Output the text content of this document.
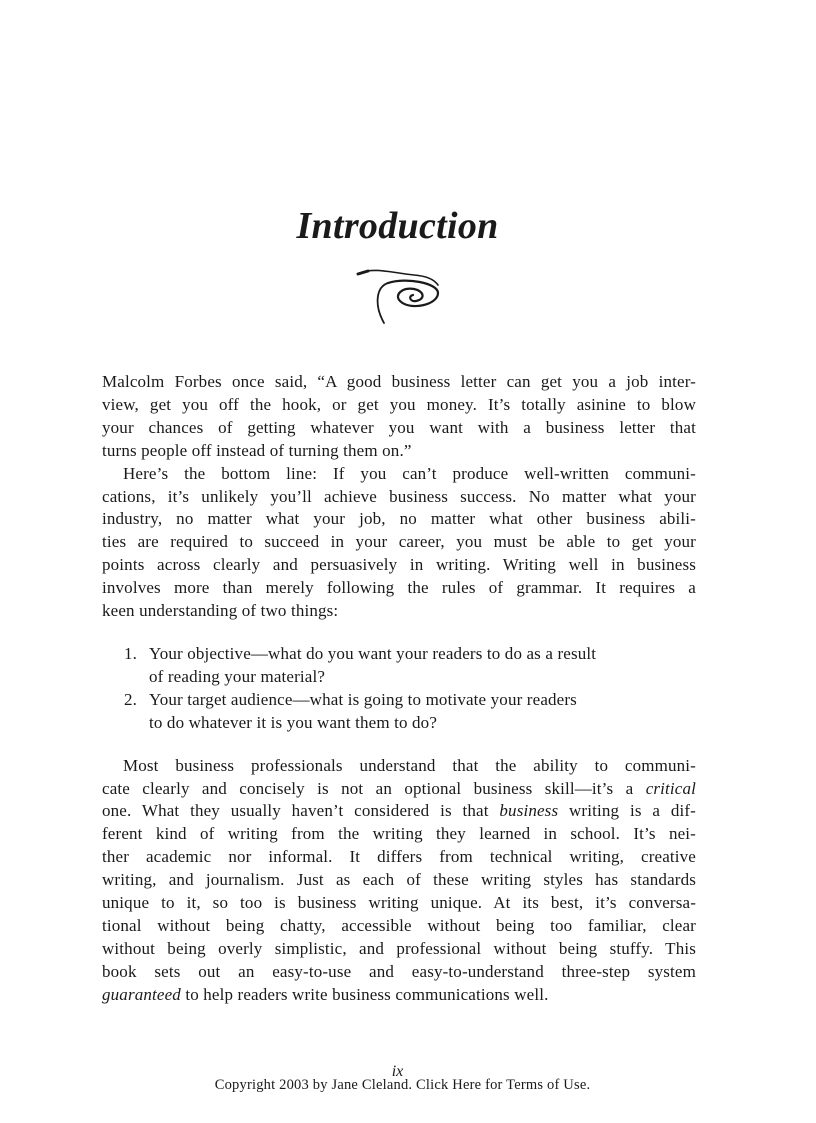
Introduction
Malcolm Forbes once said, “A good business letter can get you a job inter-
view, get you off the hook, or get you money. It’s totally asinine to blow
your chances of getting whatever you want with a business letter that
turns people off instead of turning them on.”
Here’s the bottom line: If you can’t produce well-written communi-
cations, it’s unlikely you’ll achieve business success. No matter what your
industry, no matter what your job, no matter what other business abili-
ties are required to succeed in your career, you must be able to get your
points across clearly and persuasively in writing. Writing well in business
involves more than merely following the rules of grammar. It requires a
keen understanding of two things:
1. Your objective—what do you want your readers to do as a result
of reading your material?
2. Your target audience—what is going to motivate your readers
to do whatever it is you want them to do?
Most business professionals understand that the ability to communi-
cate clearly and concisely is not an optional business skill—it’s a critical
one. What they usually haven’t considered is that business writing is a dif-
ferent kind of writing from the writing they learned in school. It’s nei-
ther academic nor informal. It differs from technical writing, creative
writing, and journalism. Just as each of these writing styles has standards
unique to it, so too is business writing unique. At its best, it’s conversa-
tional without being chatty, accessible without being too familiar, clear
without being overly simplistic, and professional without being stuffy. This
book sets out an easy-to-use and easy-to-understand three-step system
guaranteed to help readers write business communications well.
ix
Copyright 2003 by Jane Cleland. Click Here for Terms of Use.
